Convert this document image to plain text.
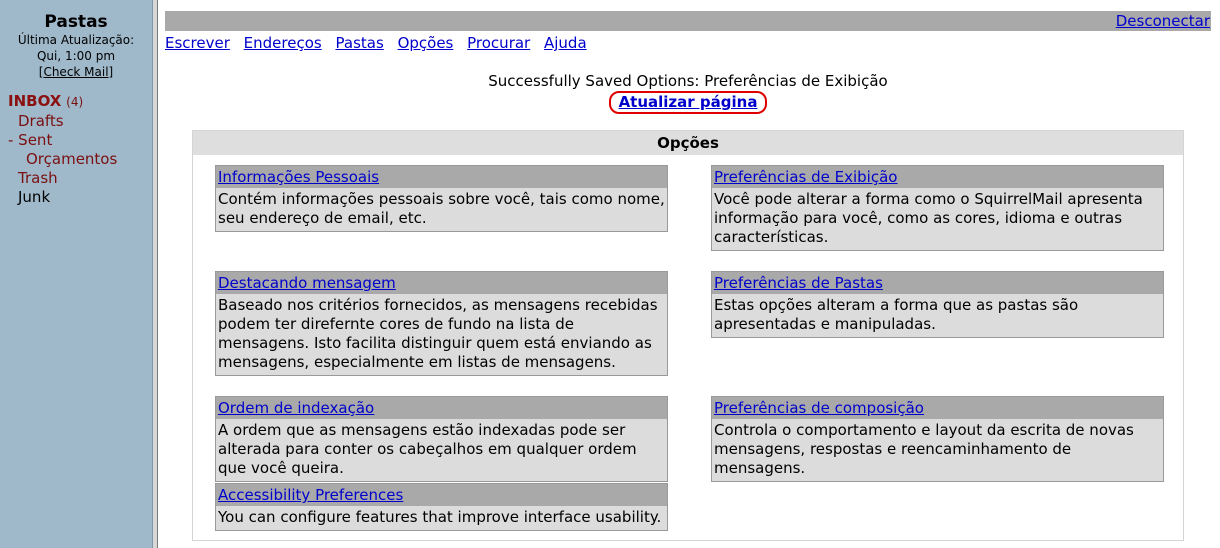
Pastas
Última Atualização:
Qui, 1:00 pm
[Check Mail]
INBOX (4)
Drafts
- Sent
Orçamentos
Trash
Junk
Desconectar
Escrever Endereços Pastas Opções Procurar Ajuda
Successfully Saved Options: Preferências de Exibição
Atualizar página
Opções
Informações Pessoais
Contém informações pessoais sobre você, tais como nome, seu endereço de email, etc.
Preferências de Exibição
Você pode alterar a forma como o SquirrelMail apresenta informação para você, como as cores, idioma e outras características.
Destacando mensagem
Baseado nos critérios fornecidos, as mensagens recebidas podem ter direfernte cores de fundo na lista de mensagens. Isto facilita distinguir quem está enviando as mensagens, especialmente em listas de mensagens.
Preferências de Pastas
Estas opções alteram a forma que as pastas são apresentadas e manipuladas.
Ordem de indexação
A ordem que as mensagens estão indexadas pode ser alterada para conter os cabeçalhos em qualquer ordem que você queira.
Preferências de composição
Controla o comportamento e layout da escrita de novas mensagens, respostas e reencaminhamento de mensagens.
Accessibility Preferences
You can configure features that improve interface usability.
